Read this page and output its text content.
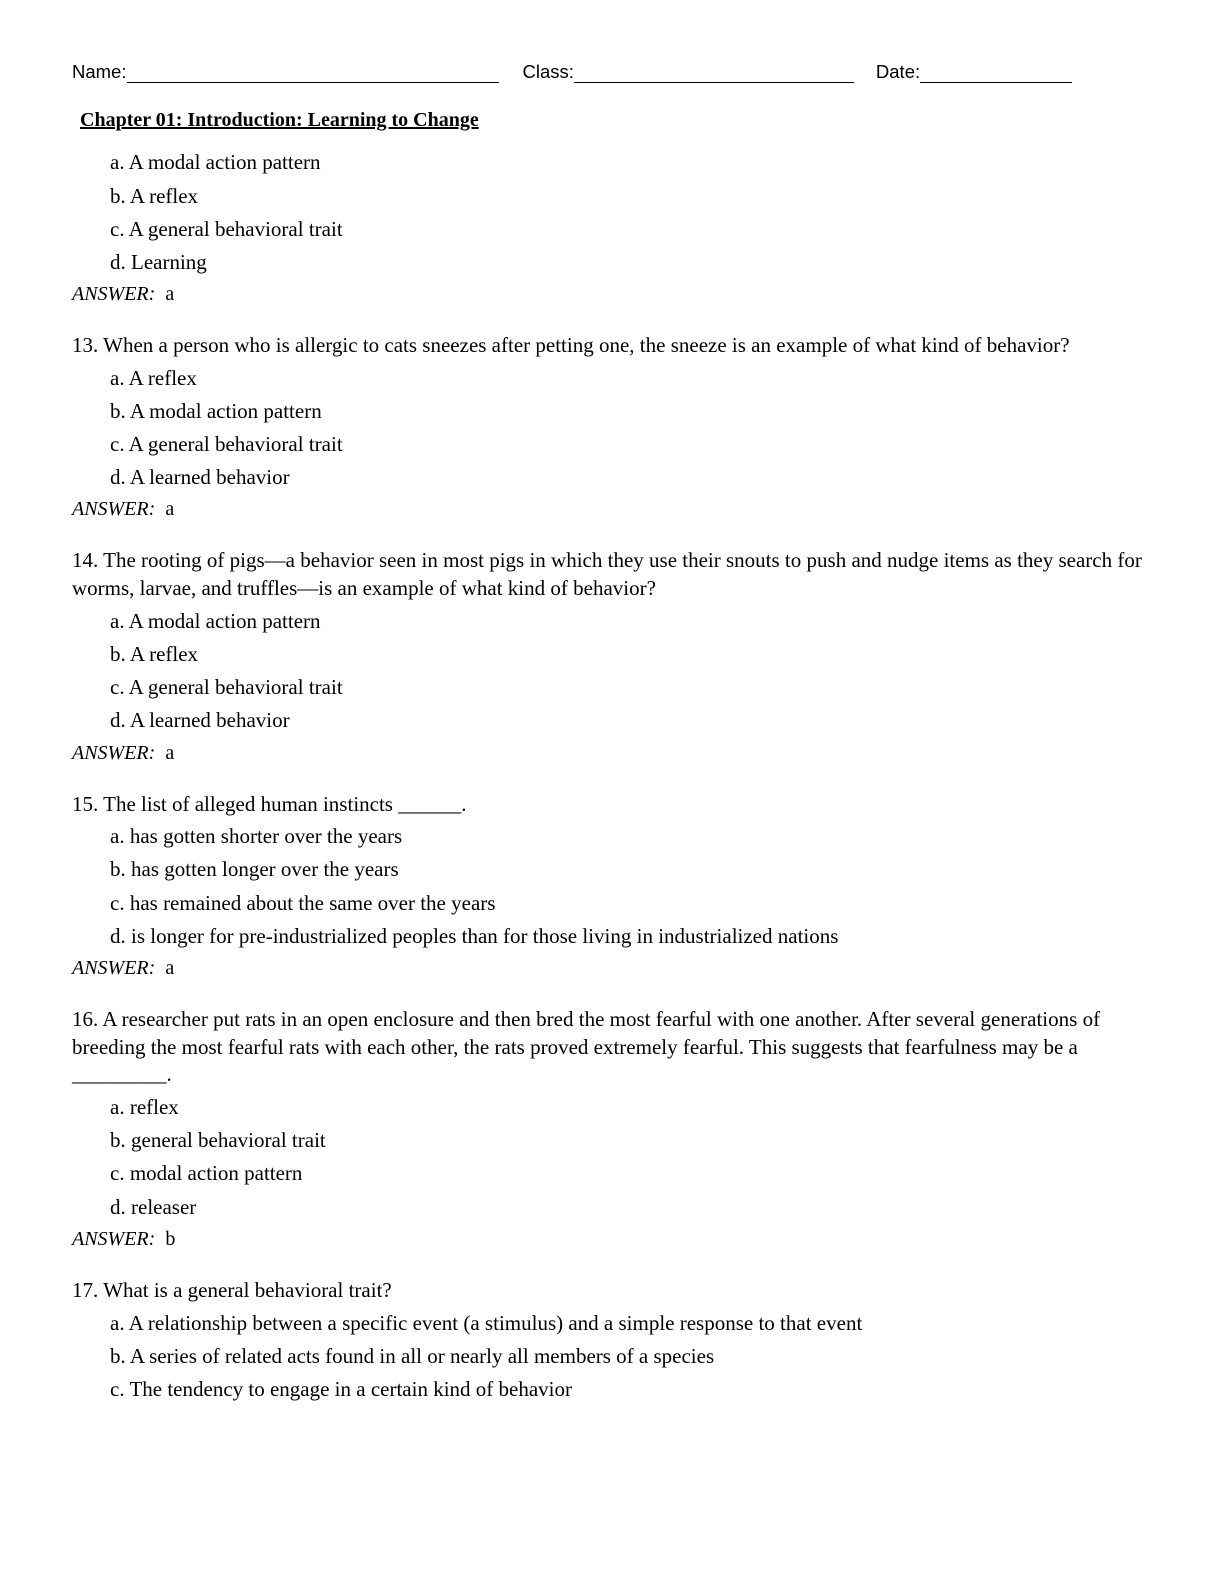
Name:	Class:	Date:
Chapter 01: Introduction: Learning to Change
a. A modal action pattern
b. A reflex
c. A general behavioral trait
d. Learning
ANSWER: a

13. When a person who is allergic to cats sneezes after petting one, the sneeze is an example of what kind of behavior?

a. A reflex
b. A modal action pattern
c. A general behavioral trait
d. A learned behavior
ANSWER: a

14. The rooting of pigs—a behavior seen in most pigs in which they use their snouts to push and nudge items as they search for worms, larvae, and truffles—is an example of what kind of behavior?

a. A modal action pattern
b. A reflex
c. A general behavioral trait
d. A learned behavior
ANSWER: a

15. The list of alleged human instincts ______.

a. has gotten shorter over the years
b. has gotten longer over the years
c. has remained about the same over the years
d. is longer for pre-industrialized peoples than for those living in industrialized nations
ANSWER: a

16. A researcher put rats in an open enclosure and then bred the most fearful with one another. After several generations of breeding the most fearful rats with each other, the rats proved extremely fearful. This suggests that fearfulness may be a _________.

a. reflex
b. general behavioral trait
c. modal action pattern
d. releaser
ANSWER: b

17. What is a general behavioral trait?

a. A relationship between a specific event (a stimulus) and a simple response to that event
b. A series of related acts found in all or nearly all members of a species
c. The tendency to engage in a certain kind of behavior
